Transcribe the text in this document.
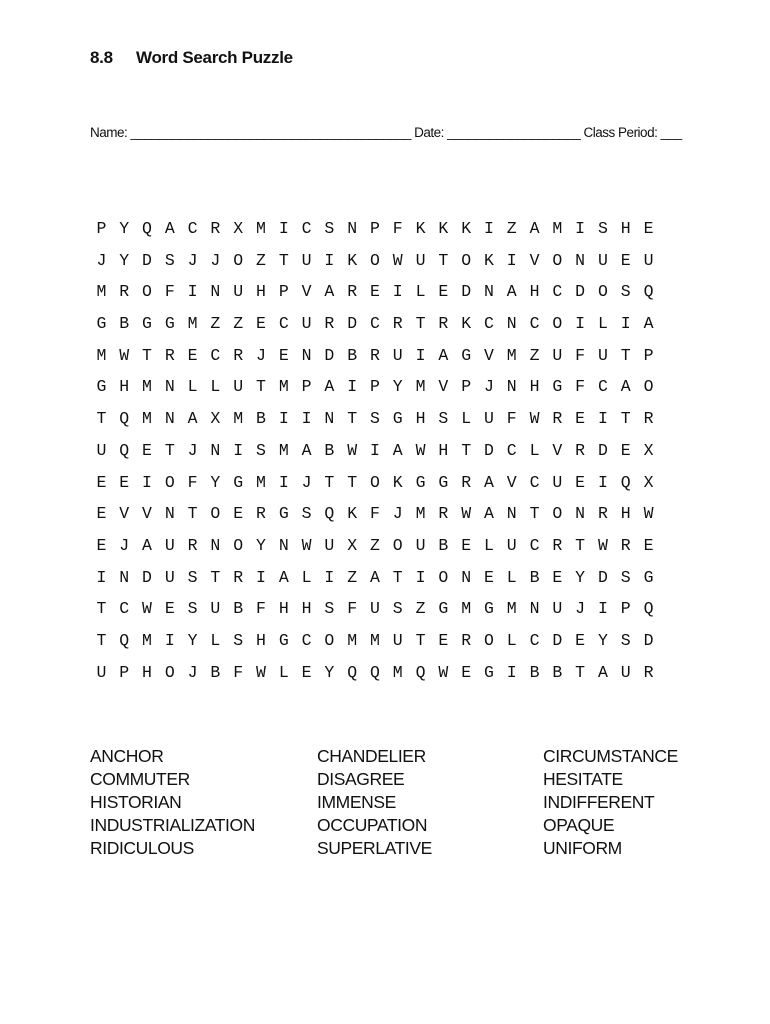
8.8 Word Search Puzzle
Name: ________________________________________ Date: ___________________ Class Period: ___
P Y Q A C R X M I C S N P F K K K I Z A M I S H E
J Y D S J J O Z T U I K O W U T O K I V O N U E U
M R O F I N U H P V A R E I L E D N A H C D O S Q
G B G G M Z Z E C U R D C R T R K C N C O I L I A
M W T R E C R J E N D B R U I A G V M Z U F U T P
G H M N L L U T M P A I P Y M V P J N H G F C A O
T Q M N A X M B I I N T S G H S L U F W R E I T R
U Q E T J N I S M A B W I A W H T D C L V R D E X
E E I O F Y G M I J T T O K G G R A V C U E I Q X
E V V N T O E R G S Q K F J M R W A N T O N R H W
E J A U R N O Y N W U X Z O U B E L U C R T W R E
I N D U S T R I A L I Z A T I O N E L B E Y D S G
T C W E S U B F H H S F U S Z G M G M N U J I P Q
T Q M I Y L S H G C O M M U T E R O L C D E Y S D
U P H O J B F W L E Y Q Q M Q W E G I B B T A U R
ANCHOR
COMMUTER
HISTORIAN
INDUSTRIALIZATION
RIDICULOUS
CHANDELIER
DISAGREE
IMMENSE
OCCUPATION
SUPERLATIVE
CIRCUMSTANCE
HESITATE
INDIFFERENT
OPAQUE
UNIFORM
